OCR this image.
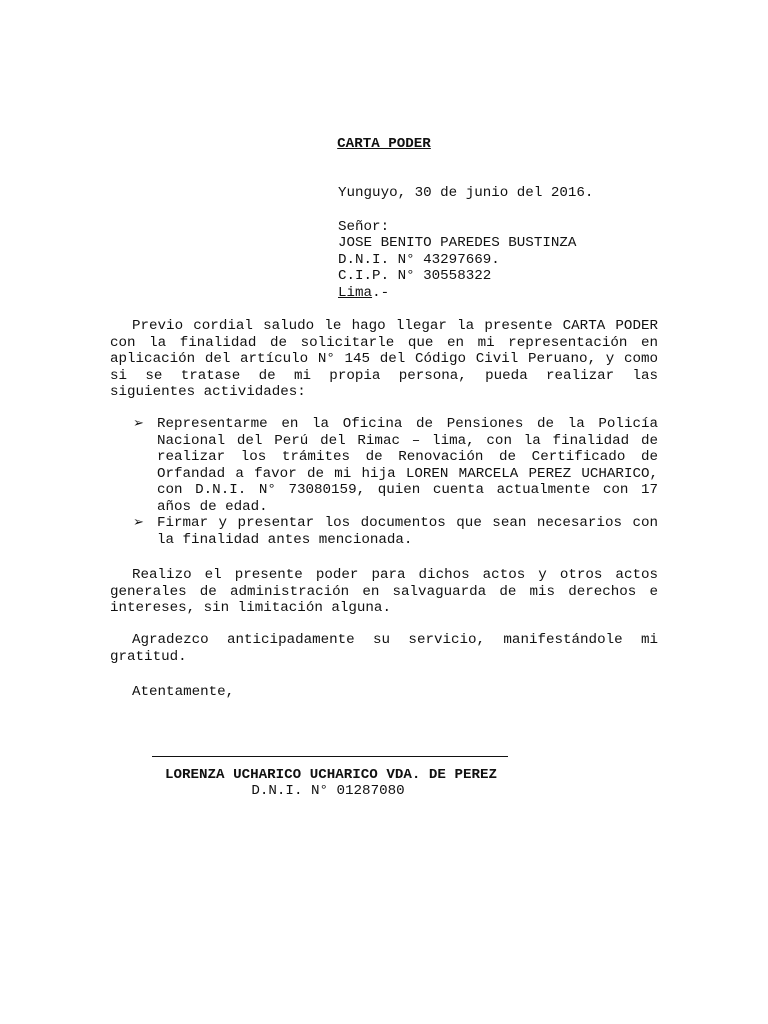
CARTA PODER
Yunguyo, 30 de junio del 2016.
Señor:
JOSE BENITO PAREDES BUSTINZA
D.N.I. N° 43297669.
C.I.P. N° 30558322
Lima.-

Previo cordial saludo le hago llegar la presente CARTA PODER con la finalidad de solicitarle que en mi representación en aplicación del artículo N° 145 del Código Civil Peruano, y como si se tratase de mi propia persona, pueda realizar las siguientes actividades:

➢ Representarme en la Oficina de Pensiones de la Policía Nacional del Perú del Rimac – lima, con la finalidad de realizar los trámites de Renovación de Certificado de Orfandad a favor de mi hija LOREN MARCELA PEREZ UCHARICO, con D.N.I. N° 73080159, quien cuenta actualmente con 17 años de edad.
➢ Firmar y presentar los documentos que sean necesarios con la finalidad antes mencionada.

Realizo el presente poder para dichos actos y otros actos generales de administración en salvaguarda de mis derechos e intereses, sin limitación alguna.

Agradezco anticipadamente su servicio, manifestándole mi gratitud.

Atentamente,

LORENZA UCHARICO UCHARICO VDA. DE PEREZ
D.N.I. N° 01287080
